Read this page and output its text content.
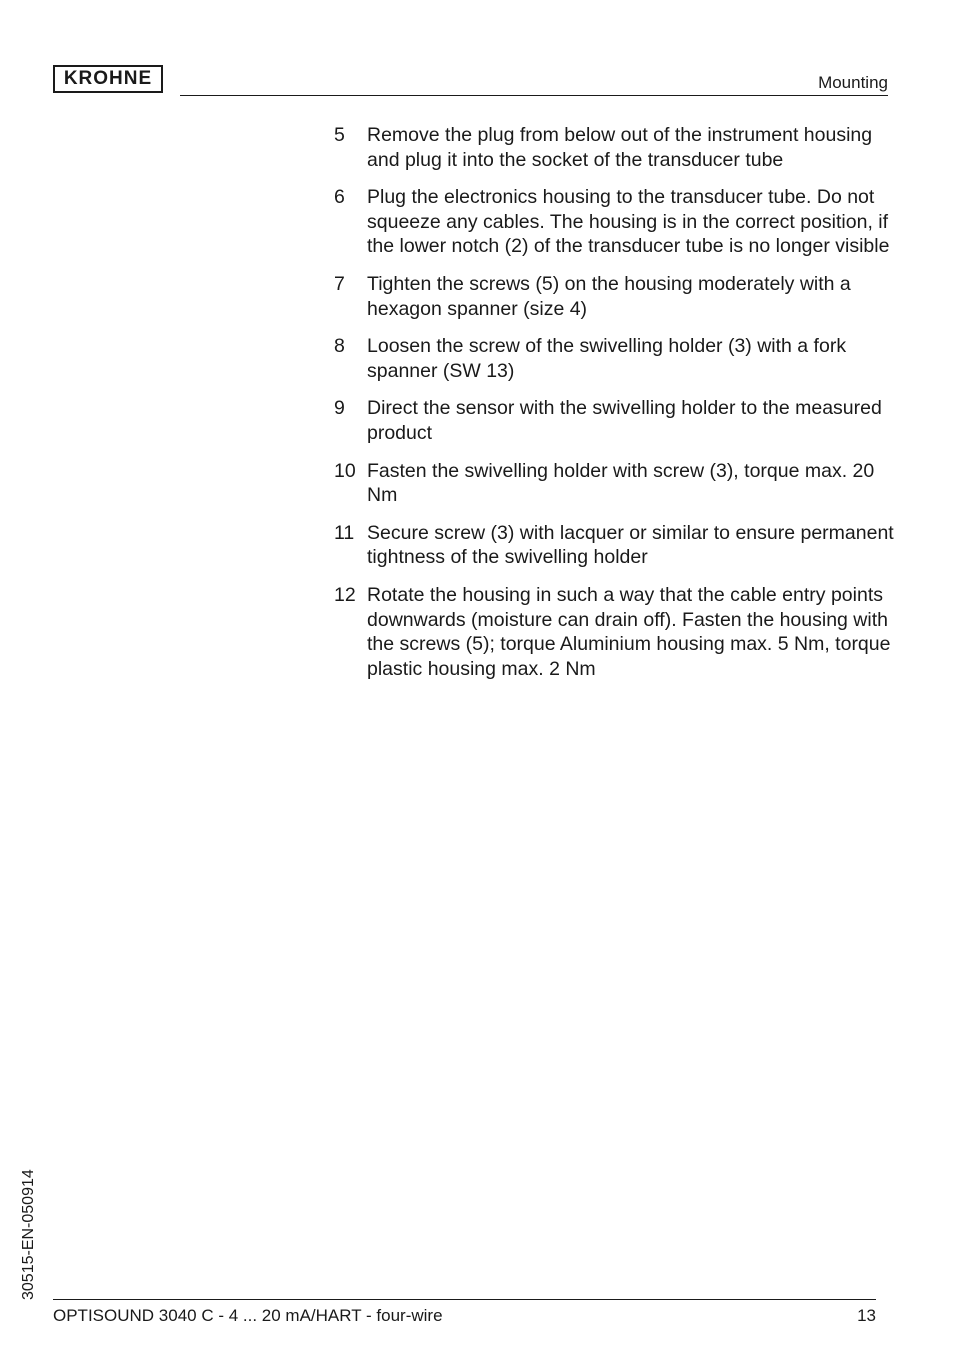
KROHNE	Mounting
5	Remove the plug from below out of the instrument housing and plug it into the socket of the transducer tube
6	Plug the electronics housing to the transducer tube. Do not squeeze any cables. The housing is in the correct position, if the lower notch (2) of the transducer tube is no longer visible
7	Tighten the screws (5) on the housing moderately with a hexagon spanner (size 4)
8	Loosen the screw of the swivelling holder (3) with a fork spanner (SW 13)
9	Direct the sensor with the swivelling holder to the measured product
10 Fasten the swivelling holder with screw (3), torque max. 20 Nm
11 Secure screw (3) with lacquer or similar to ensure permanent tightness of the swivelling holder
12 Rotate the housing in such a way that the cable entry points downwards (moisture can drain off). Fasten the housing with the screws (5); torque Aluminium housing max. 5 Nm, torque plastic housing max. 2 Nm
30515-EN-050914
OPTISOUND 3040 C - 4 ... 20 mA/HART - four-wire	13
